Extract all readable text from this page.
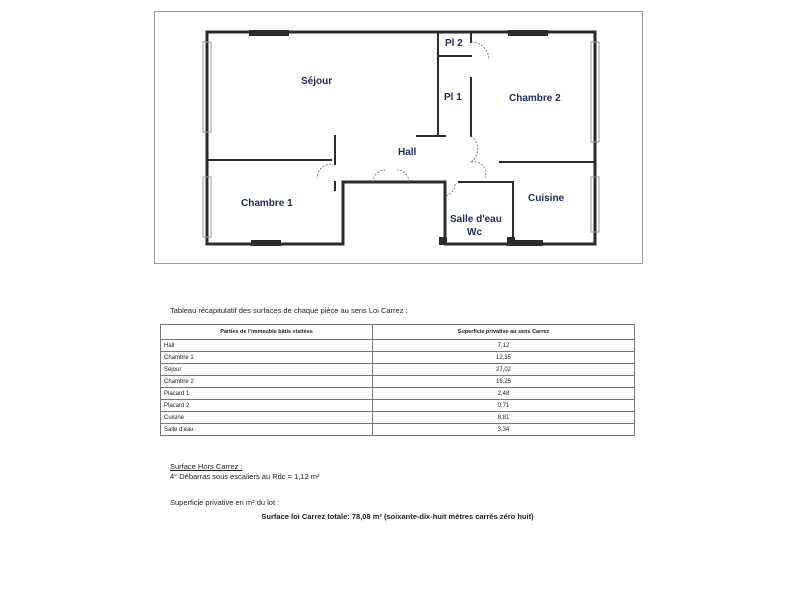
Séjour
Pl 2
Pl 1	Chambre 2
Hall
Chambre 1	Cuisine
Salle d'eau
Wc
Tableau récapitulatif des surfaces de chaque pièce au sens Loi Carrez :
Parties de l’immeuble bâtis visitées	Superficie privative au sens Carrez
Hall	7,12
Chambre 1	12,35
Séjour	27,02
Chambre 2	16,25
Placard 1	2,48
Placard 2	0,71
Cuisine	8,81
Salle d'eau	3,34
Surface Hors Carrez :
4° Débarras sous escaliers au Rdc = 1,12 m²
Superficie privative en m² du lot :
Surface loi Carrez totale: 78,08 m² (soixante-dix-huit mètres carrés zéro huit)
